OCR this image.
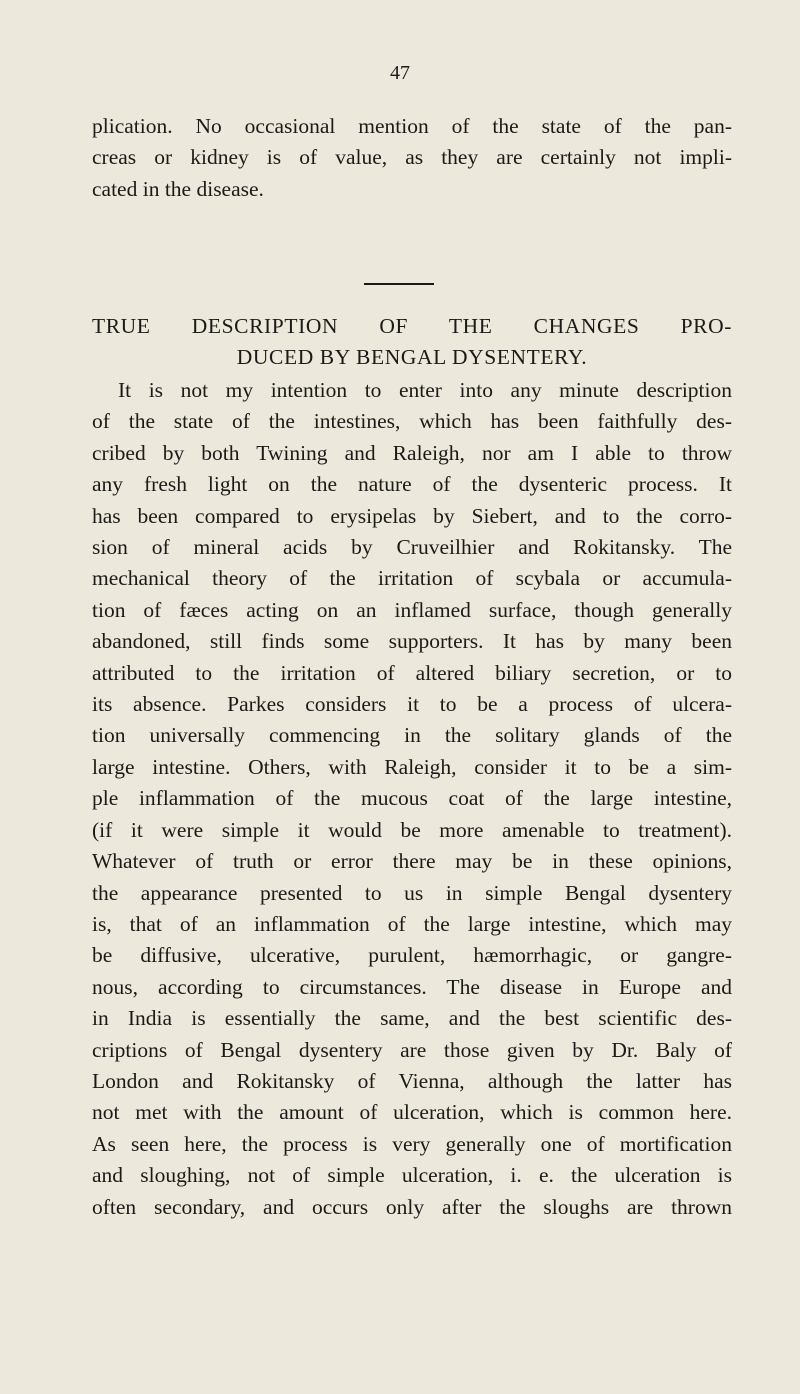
47
plication. No occasional mention of the state of the pan-
creas or kidney is of value, as they are certainly not impli-
cated in the disease.
TRUE DESCRIPTION OF THE CHANGES PRO-
DUCED BY BENGAL DYSENTERY.
It is not my intention to enter into any minute description
of the state of the intestines, which has been faithfully des-
cribed by both Twining and Raleigh, nor am I able to throw
any fresh light on the nature of the dysenteric process. It
has been compared to erysipelas by Siebert, and to the corro-
sion of mineral acids by Cruveilhier and Rokitansky. The
mechanical theory of the irritation of scybala or accumula-
tion of fæces acting on an inflamed surface, though generally
abandoned, still finds some supporters. It has by many been
attributed to the irritation of altered biliary secretion, or to
its absence. Parkes considers it to be a process of ulcera-
tion universally commencing in the solitary glands of the
large intestine. Others, with Raleigh, consider it to be a sim-
ple inflammation of the mucous coat of the large intestine,
(if it were simple it would be more amenable to treatment).
Whatever of truth or error there may be in these opinions,
the appearance presented to us in simple Bengal dysentery
is, that of an inflammation of the large intestine, which may
be diffusive, ulcerative, purulent, hæmorrhagic, or gangre-
nous, according to circumstances. The disease in Europe and
in India is essentially the same, and the best scientific des-
criptions of Bengal dysentery are those given by Dr. Baly of
London and Rokitansky of Vienna, although the latter has
not met with the amount of ulceration, which is common here.
As seen here, the process is very generally one of mortification
and sloughing, not of simple ulceration, i. e. the ulceration is
often secondary, and occurs only after the sloughs are thrown
